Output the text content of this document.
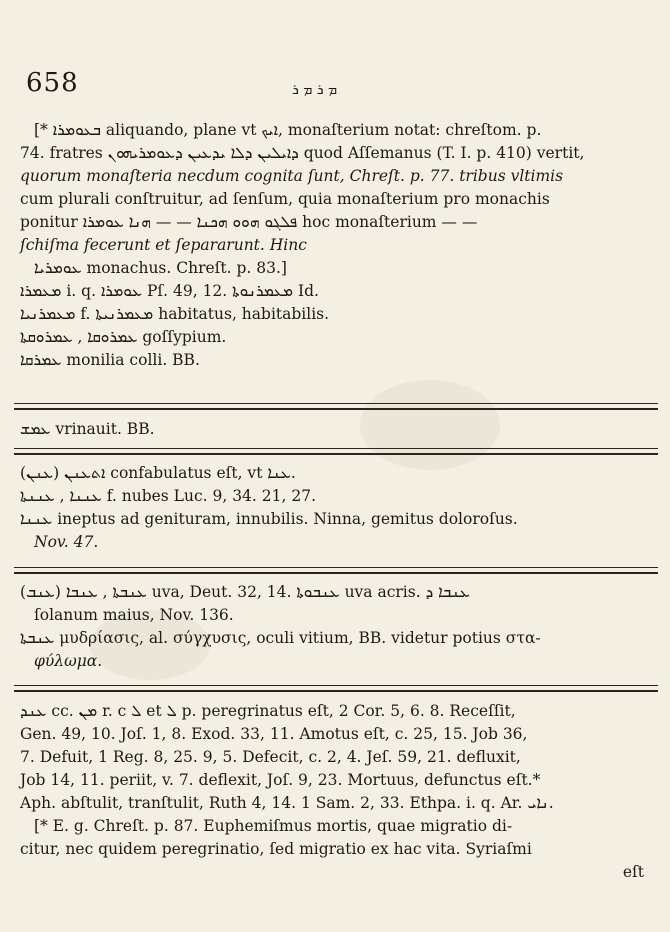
658	ܡ ܪ ܡ ܪ
[* ܒܥܘܡܪܐ aliquando, plane vt ܐܝܟ, monaſterium notat: chreſtom. p.
74. fratres ܕܐܝܠܝܢ ܕܠܐ ܝܕܥܝܢ ܕܥܘܡܪܝܗܘܢ quod Aſſemanus (T. I. p. 410) vertit,
quorum monaſteria necdum cognita ſunt, Chreſt. p. 77. tribus vltimis
cum plurali conſtruitur, ad ſenſum, quia monaſterium pro monachis
ponitur ܦܠܓܘ ܗܘܘ ܗܟܢܐ — — ܗܢܐ ܥܘܡܪܐ hoc monaſterium — —
ſchiſma fecerunt et ſepararunt. Hinc
ܥܘܡܪܝܐ monachus. Chreſt. p. 83.]
ܡܥܡܪܐ i. q. ܥܘܡܪܐ Pſ. 49, 12. ܡܥܡܪܢܘܬܐ Id.
ܡܥܡܪܢܝܐ f. ܡܥܡܪܢܝܬܐ habitatus, habitabilis.
ܥܡܪܘܩܐ , ܥܡܪܘܩܬܐ goſſypium.
ܥܡܪܩܐ monilia colli. BB.
ܥܡܫ vrinauit. BB.
(ܥܢܢ) ܐܬܥܢܢ confabulatus eſt, vt ܥܢܐ.
ܥܢܢܐ , ܥܢܢܬܐ f. nubes Luc. 9, 34. 21, 27.
ܥܢܢܐ ineptus ad genituram, innubilis. Ninna, gemitus doloroſus.
Nov. 47.
(ܥܢܒ) ܥܢܒܬܐ , ܥܢܒܐ uva, Deut. 32, 14. ܥܢܒܘܬܐ uva acris. ܥܢܒܐ ܕ
ſolanum maius, Nov. 136.
ܥܢܒܬܐ μυδρίασις, al. σύγχυσις, oculi vitium, BB. videtur potius στα-
φύλωμα.
ܥܢܕ cc. ܡܢ r. c ܠ et ܠ p. peregrinatus eſt, 2 Cor. 5, 6. 8. Receſſit,
Gen. 49, 10. Joſ. 1, 8. Exod. 33, 11. Amotus eſt, c. 25, 15. Job 36,
7. Defuit, 1 Reg. 8, 25. 9, 5. Defecit, c. 2, 4. Jeſ. 59, 21. defluxit,
Job 14, 11. periit, v. 7. deflexit, Joſ. 9, 23. Mortuus, defunctus eſt.*
Aph. abſtulit, tranſtulit, Ruth 4, 14. 1 Sam. 2, 33. Ethpa. i. q. Ar. ܢܐܝ.
[* E. g. Chreſt. p. 87. Euphemiſmus mortis, quae migratio di-
citur, nec quidem peregrinatio, ſed migratio ex hac vita. Syriaſmi
eſt
